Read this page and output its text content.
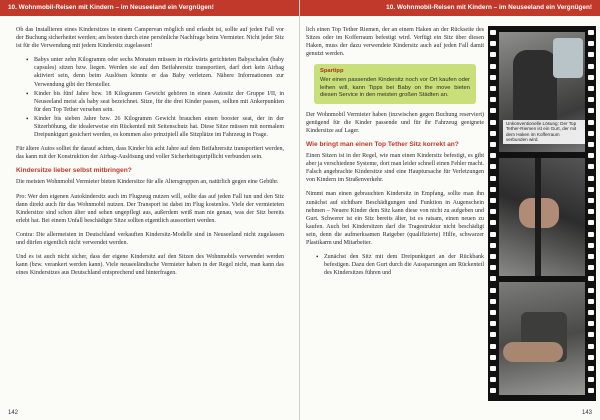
10. Wohnmobil-Reisen mit Kindern – im Neuseeland ein Vergnügen!

Ob das Installieren eines Kindersitzes in einem Campervan möglich und erlaubt ist, sollte auf jeden Fall vor der Buchung sicherheitet werden; am besten durch eine persönliche Nachfrage beim Vermieter. Nicht jeder Sitz ist für die Verwendung mit jedem Kindersitz zugelassen!

• Babys unter zehn Kilogramm oder sechs Monaten müssen in rückwärts gerichteten Babyschalen (baby capsules) sitzen bzw. liegen. Werden sie auf den Beifahrersitz transportiert, darf dort kein Airbag aktiviert sein, denn beim Auslösen könnte er das Baby verletzen. Nähere Informationen zur Verwendung gibt der Hersteller.
• Kinder bis fünf Jahre bzw. 18 Kilogramm Gewicht gehören in einen Autositz der Gruppe I/II, in Neuseeland meist als baby seat bezeichnet. Sitze, für die drei Kinder passen, sollten mit Ankerpunkten für den Top Tether versehen sein.
• Kinder bis sieben Jahre bzw. 26 Kilogramm Gewicht brauchen einen booster seat, der in der Sitzerhöhung, die idealerweise ein Rückenteil mit Seitenschutz hat. Diese Sitze müssen mit normalem Dreipunktgurt gesichert werden, es kommen also prinzipiell alle Sitzplätze im Fahrzeug in Frage.

Für ältere Autos solltet ihr darauf achten, dass Kinder bis acht Jahre auf dem Beifahrersitz transportiert werden, das kann mit der Konstruktion der Airbag-Auslösung und voller Sicherheitsgurtpflicht verbunden sein.

Kindersitze lieber selbst mitbringen?

Die meisten Wohnmobil Vermieter bieten Kindersitze für alle Altersgruppen an, natürlich gegen eine Gebühr.

Pro: Wer den eigenen Autokindersitz auch im Flugzeug nutzen will, sollte das auf jeden Fall tun und den Sitz dann direkt auch für das Wohnmobil nutzen. Der Transport ist dabei im Flug kostenlos. Viele der vermieteten Kindersitze sind schon älter und sehen ungepflegt aus, außerdem weiß man nie genau, was der Sitz bereits erlebt hat. Bei einem Unfall beschädigte Sitze sollten eigentlich aussortiert werden.

Contra: Die allermeisten in Deutschland verkauften Kindersitz-Modelle sind in Neuseeland nicht zugelassen und dürfen eigentlich nicht verwendet werden.

Und es ist auch nicht sicher, dass der eigene Kindersitz auf den Sitzen des Wohnmobils verwendet werden kann (bzw. verankert werden kann). Viele neuseeländische Vermieter haben in der Regel nicht, man kann das eines Kindersitzes aus Deutschland entsprechend und hinterfragen.

142
10. Wohnmobil-Reisen mit Kindern – im Neuseeland ein Vergnügen!

lich einen Top Tether Riemen, der an einem Haken an der Rückseite des Sitzes oder im Kofferraum befestigt wird. Verfügt ein Sitz über diesen Haken, muss der dazu verwendete Kindersitz auch auf jeden Fall damit genutzt werden.

Spartipp
Wer einen passenden Kindersitz noch vor Ort kaufen oder leihen will, kann Tipps bei Baby on the move bieten diesen Service in den meisten großen Städten an.

Der Wohnmobil Vermieter haben (inzwischen gegen Buchung reserviert) genügend für die Kinder passende und für ihr Fahrzeug geeignete Kindersitze auf Lager.

Wie bringt man einen Top Tether Sitz korrekt an?

Einen Sitzen ist in der Regel, wie man einen Kindersitz befestigt, es gibt aber ja verschiedene Systeme, dort man leider schnell einen Fehler macht. Falsch angebrachte Kindersitze sind eine Hauptursache für Verletzungen von Kindern im Straßenverkehr.

Nimmt man einen gebrauchten Kindersitz in Empfang, sollte man ihn zunächst auf sichtbare Beschädigungen und Funktion in Augenschein nehmen – Neuere Kinder dem Sitz kann diese von nicht zu aufgeben und Gurt. Schwerer ist ein Sitz bereits älter, ist es ratsam, einen neuen zu kaufen. Auch bei Kindersitzen darf die Tragestruktur nicht beschädigt sein, denn die aufmerksamen Ratgeber (qualifizierte) Hilfe, schwarzer Plastikarm und Mitarbeiter.

• Zunächst den Sitz mit dem Dreipunktgurt an der Rückbank befestigen. Dazu den Gurt durch die Aussparungen am Rückenteil des Kindersitzes führen und
Unkonventionelle Lösung: Der Top Tether-Riemen ist ein Gurt, der mit dem Haken im Kofferraum verbunden wird.
143
